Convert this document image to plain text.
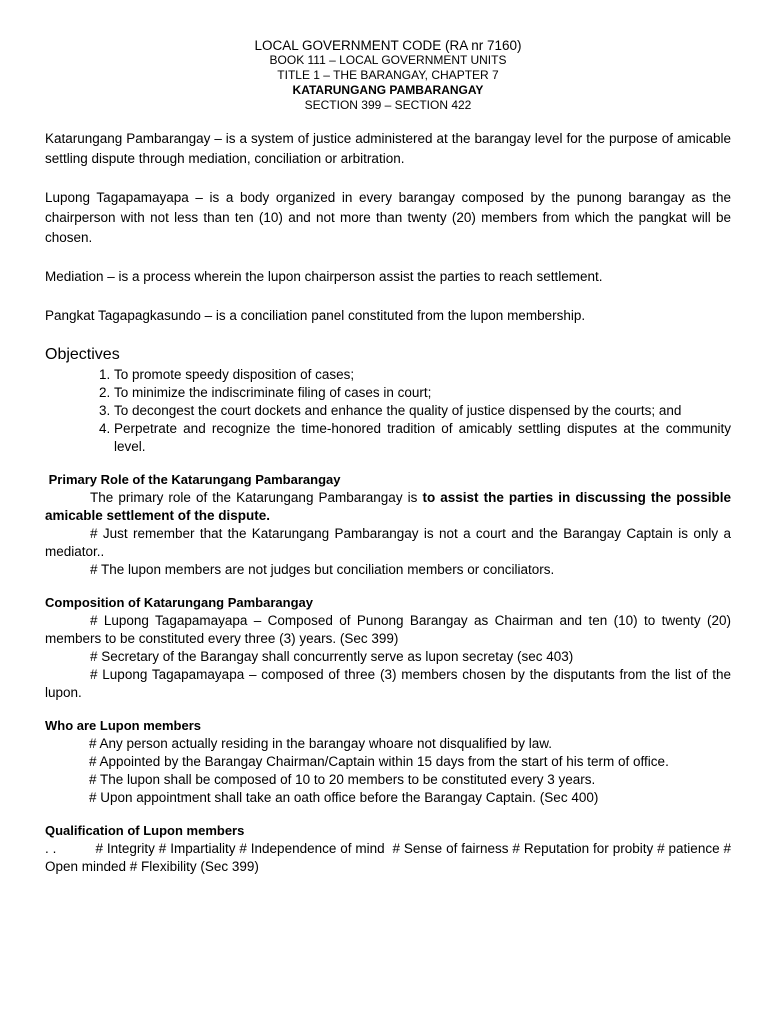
LOCAL GOVERNMENT CODE (RA nr 7160)
BOOK 111 – LOCAL GOVERNMENT UNITS
TITLE 1 – THE BARANGAY, CHAPTER 7
KATARUNGANG PAMBARANGAY
SECTION 399 – SECTION 422

Katarungang Pambarangay – is a system of justice administered at the barangay level for the purpose of amicable settling dispute through mediation, conciliation or arbitration.

Lupong Tagapamayapa – is a body organized in every barangay composed by the punong barangay as the chairperson with not less than ten (10) and not more than twenty (20) members from which the pangkat will be chosen.

Mediation – is a process wherein the lupon chairperson assist the parties to reach settlement.

Pangkat Tagapagkasundo – is a conciliation panel constituted from the lupon membership.

Objectives
1. To promote speedy disposition of cases;
2. To minimize the indiscriminate filing of cases in court;
3. To decongest the court dockets and enhance the quality of justice dispensed by the courts; and
4. Perpetrate and recognize the time-honored tradition of amicably settling disputes at the community level.
Primary Role of the Katarungang Pambarangay

The primary role of the Katarungang Pambarangay is to assist the parties in discussing the possible amicable settlement of the dispute.

# Just remember that the Katarungang Pambarangay is not a court and the Barangay Captain is only a mediator..

# The lupon members are not judges but conciliation members or conciliators.

Composition of Katarungang Pambarangay

# Lupong Tagapamayapa – Composed of Punong Barangay as Chairman and ten (10) to twenty (20) members to be constituted every three (3) years. (Sec 399)

# Secretary of the Barangay shall concurrently serve as lupon secretay (sec 403)

# Lupong Tagapamayapa – composed of three (3) members chosen by the disputants from the list of the lupon.

Who are Lupon members

# Any person actually residing in the barangay whoare not disqualified by law.

# Appointed by the Barangay Chairman/Captain within 15 days from the start of his term of office.

# The lupon shall be composed of 10 to 20 members to be constituted every 3 years.

# Upon appointment shall take an oath office before the Barangay Captain. (Sec 400)

Qualification of Lupon members

. .          # Integrity # Impartiality # Independence of mind  # Sense of fairness # Reputation for probity # patience # Open minded # Flexibility (Sec 399)
